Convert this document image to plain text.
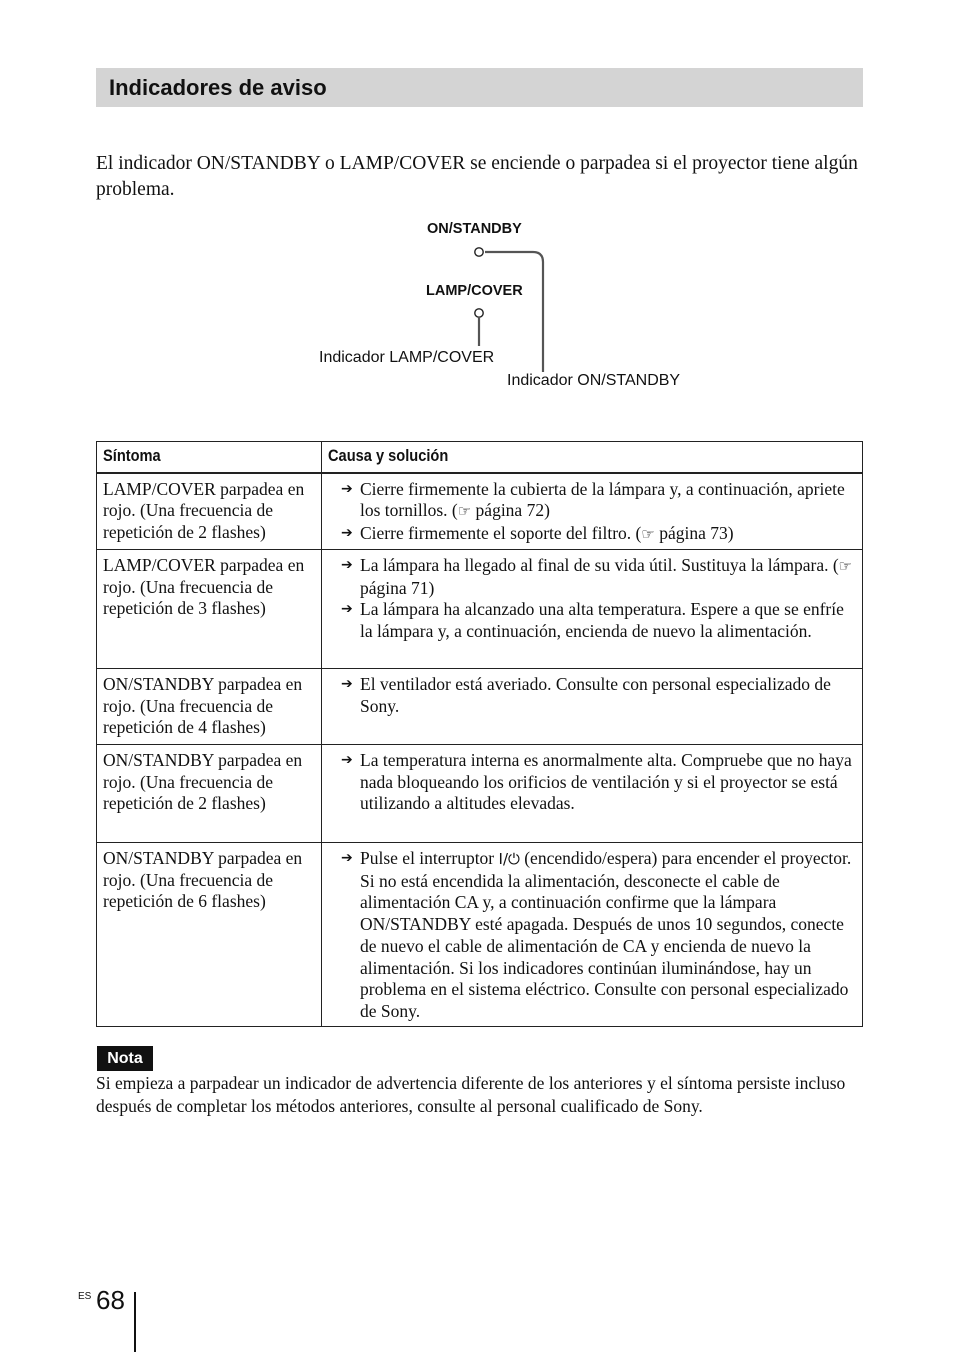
Indicadores de aviso
El indicador ON/STANDBY o LAMP/COVER se enciende o parpadea si el proyector tiene algún problema.
ON/STANDBY
LAMP/COVER
Indicador LAMP/COVER
Indicador ON/STANDBY
Síntoma	Causa y solución
LAMP/COVER parpadea en rojo. (Una frecuencia de repetición de 2 flashes)	➔ Cierre firmemente la cubierta de la lámpara y, a continuación, apriete los tornillos. (☞ página 72)
➔ Cierre firmemente el soporte del filtro. (☞ página 73)

LAMP/COVER parpadea en rojo. (Una frecuencia de repetición de 3 flashes)	➔ La lámpara ha llegado al final de su vida útil. Sustituya la lámpara. (☞ página 71)
➔ La lámpara ha alcanzado una alta temperatura. Espere a que se enfríe la lámpara y, a continuación, encienda de nuevo la alimentación.

ON/STANDBY parpadea en rojo. (Una frecuencia de repetición de 4 flashes)	➔ El ventilador está averiado. Consulte con personal especializado de Sony.

ON/STANDBY parpadea en rojo. (Una frecuencia de repetición de 2 flashes)	➔ La temperatura interna es anormalmente alta. Compruebe que no haya nada bloqueando los orificios de ventilación y si el proyector se está utilizando a altitudes elevadas.

ON/STANDBY parpadea en rojo. (Una frecuencia de repetición de 6 flashes)	➔ Pulse el interruptor I/⏻ (encendido/espera) para encender el proyector. Si no está encendida la alimentación, desconecte el cable de alimentación CA y, a continuación confirme que la lámpara ON/STANDBY esté apagada. Después de unos 10 segundos, conecte de nuevo el cable de alimentación de CA y encienda de nuevo la alimentación. Si los indicadores continúan iluminándose, hay un problema en el sistema eléctrico. Consulte con personal especializado de Sony.
Nota
Si empieza a parpadear un indicador de advertencia diferente de los anteriores y el síntoma persiste incluso después de completar los métodos anteriores, consulte al personal cualificado de Sony.
ES 68
